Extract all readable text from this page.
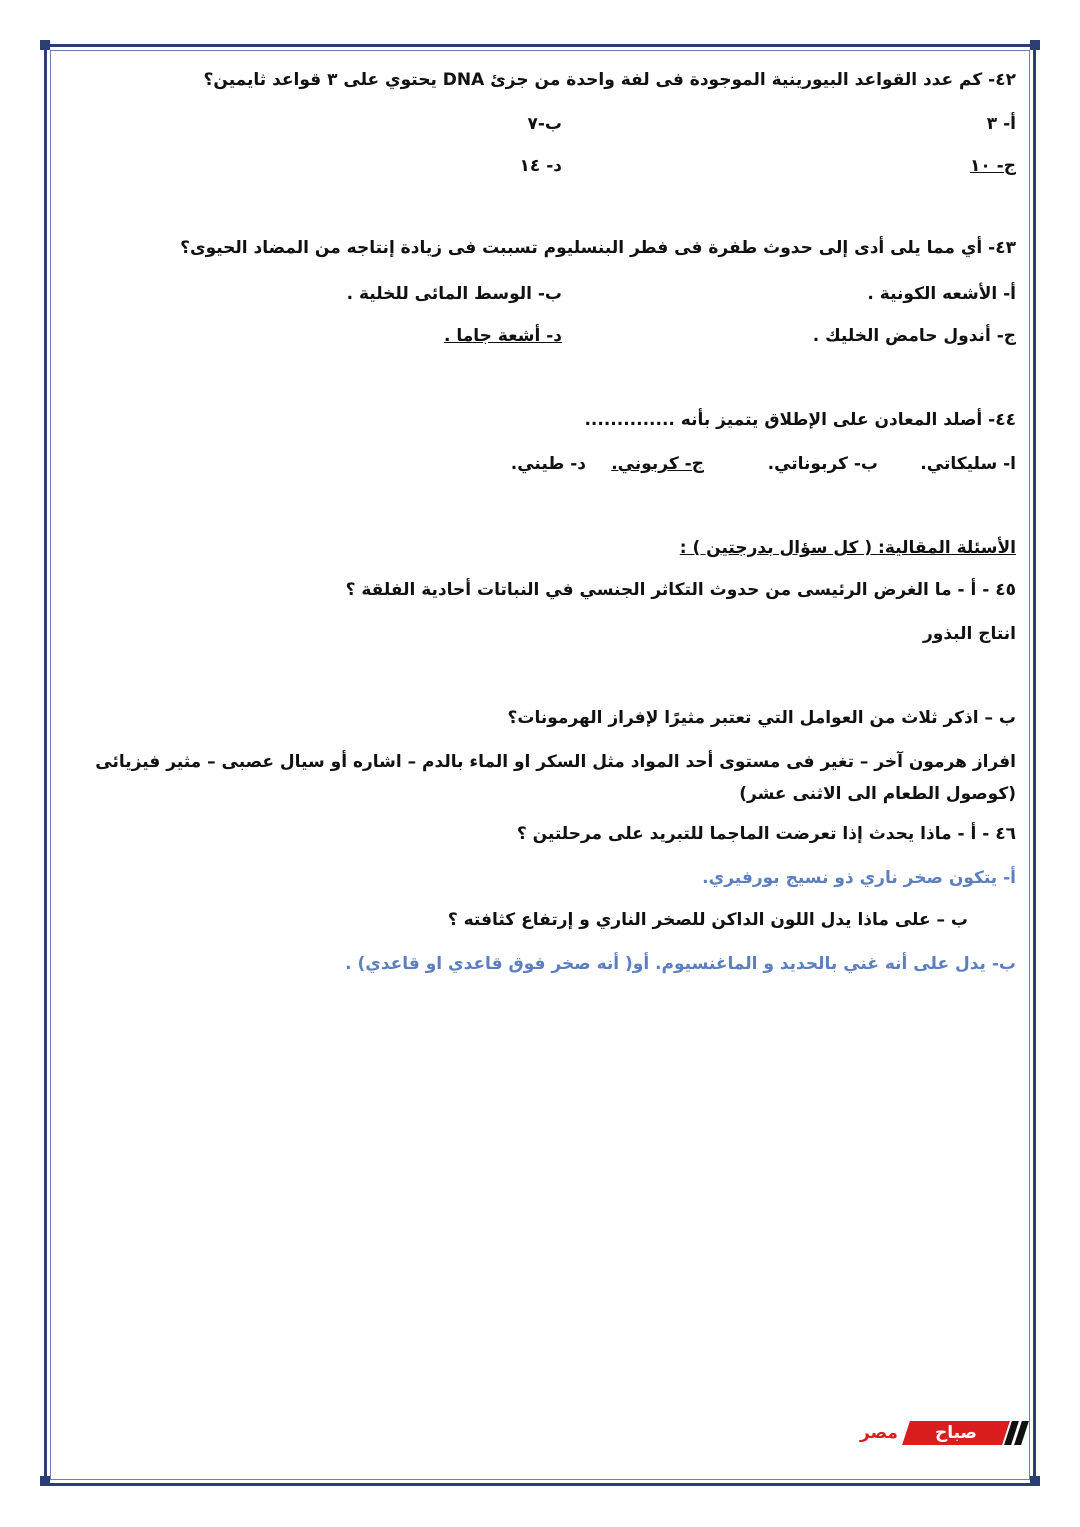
٤٢- كم عدد القواعد البيورينية الموجودة فى لفة واحدة من جزئ DNA يحتوي على ٣ قواعد ثايمين؟
أ- ٣
ب-٧
ج- ١٠
د- ١٤
٤٣- أي مما يلى أدى إلى حدوث طفرة فى فطر البنسليوم تسببت فى زيادة إنتاجه من المضاد الحيوى؟
أ- الأشعه الكونية .
ب- الوسط المائى للخلية .
ج- أندول حامض الخليك .
د- أشعة جاما .
٤٤- أصلد المعادن على الإطلاق يتميز بأنه ..............
ا- سليكاتي.
ب- كربوناتي.
ج- كربوني.
د- طيني.
الأسئلة المقالية: ( كل سؤال بدرجتين ) :
٤٥ - أ - ما الغرض الرئيسى من حدوث التكاثر الجنسي في النباتات أحادية الفلقة ؟
انتاج البذور
ب – اذكر ثلاث من العوامل التي تعتبر مثيرًا لإفراز الهرمونات؟
افراز هرمون آخر – تغير فى مستوى أحد المواد مثل السكر او الماء بالدم – اشاره أو سيال عصبى – مثير فيزيائى
(كوصول الطعام الى الاثنى عشر)
٤٦ - أ - ماذا يحدث إذا تعرضت الماجما للتبريد على مرحلتين ؟
أ- يتكون صخر ناري ذو نسيج بورفيري.
ب – على ماذا يدل اللون الداكن للصخر الناري و إرتفاع كثافته ؟
ب- يدل على أنه غني بالحديد و الماغنسيوم. أو( أنه صخر فوق قاعدي او قاعدي) .
مصر	صباح
